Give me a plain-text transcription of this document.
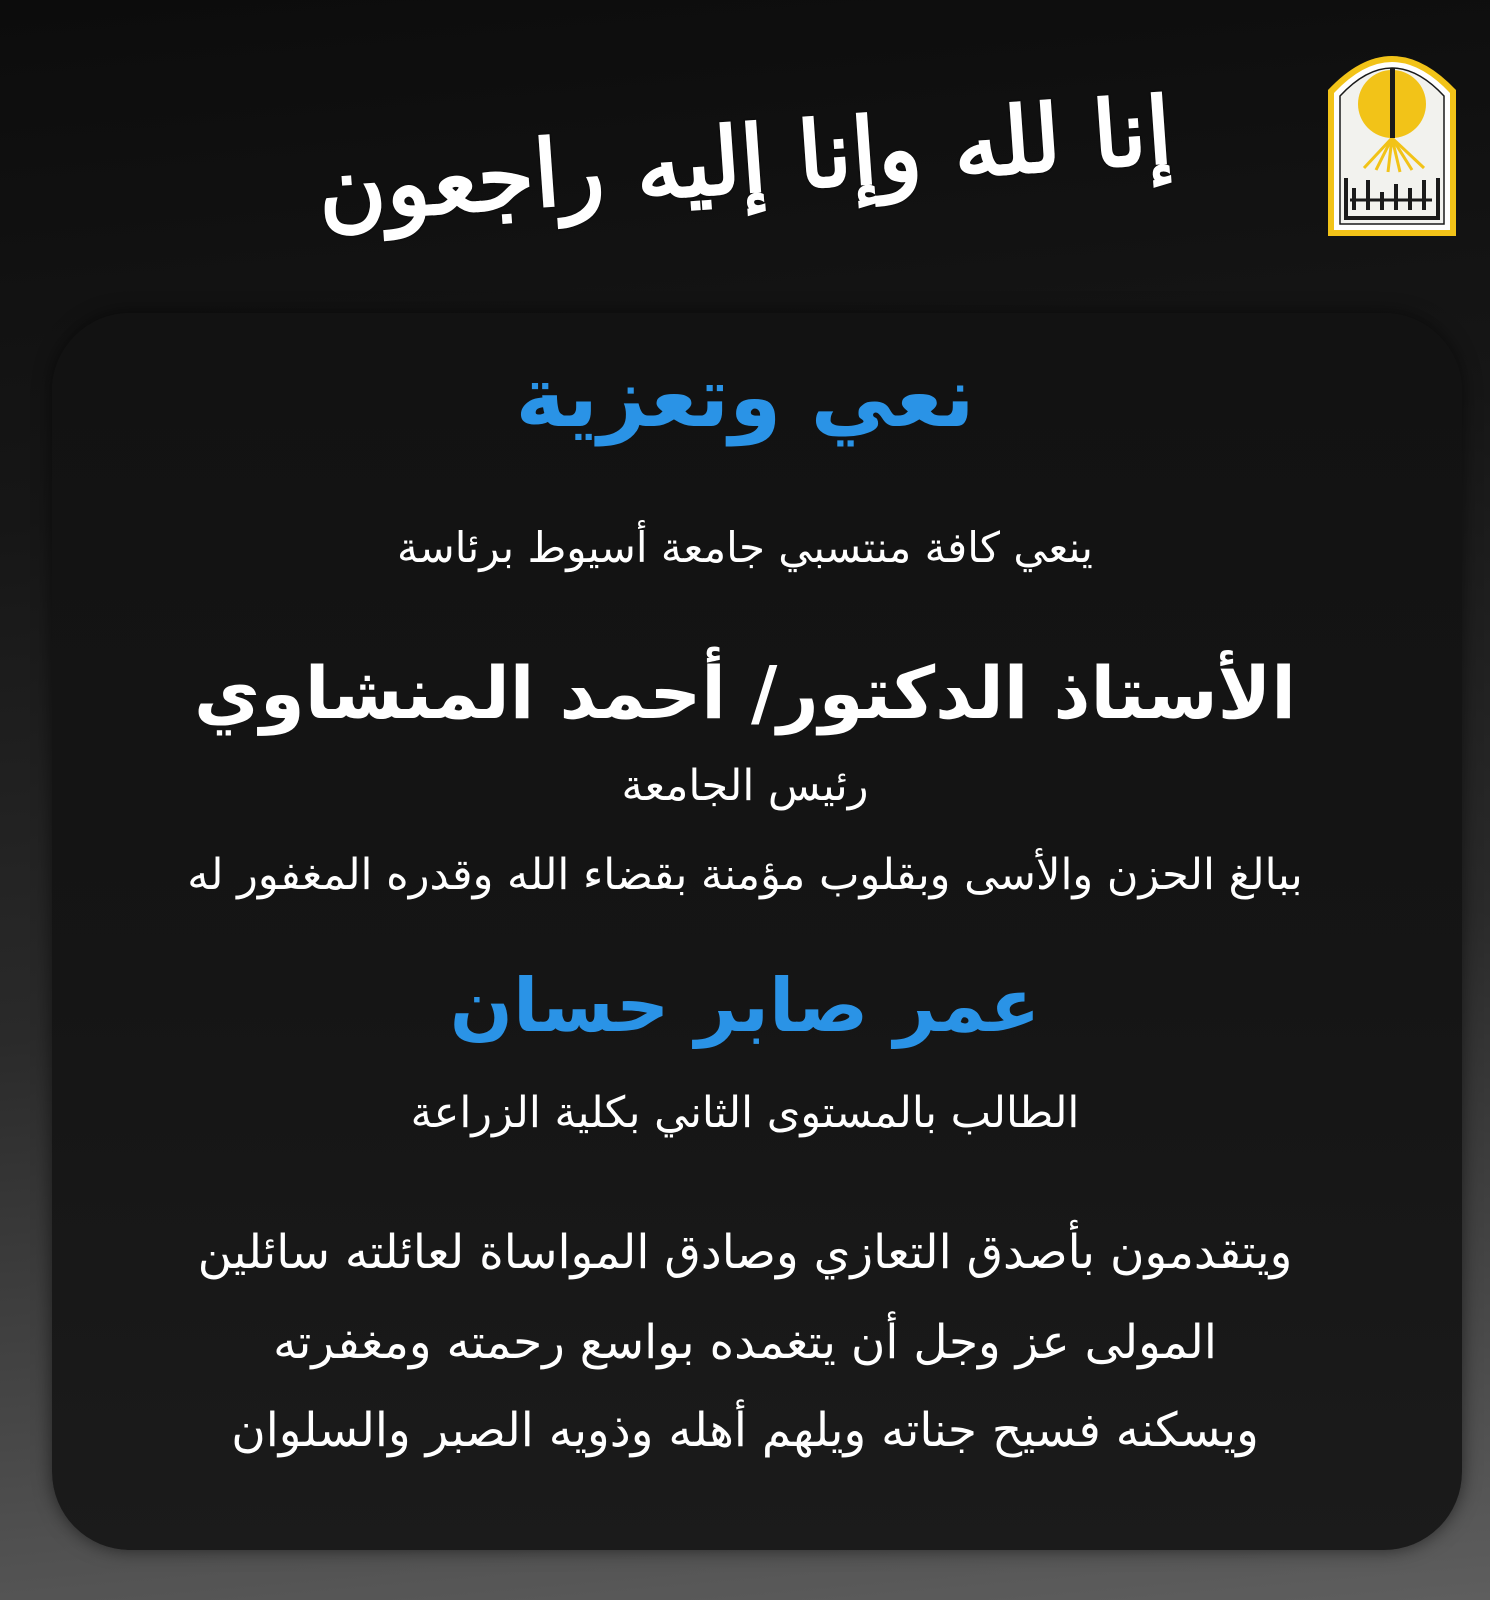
إنا لله وإنا إليه راجعون
نعي وتعزية
ينعي كافة منتسبي جامعة أسيوط برئاسة
الأستاذ الدكتور/ أحمد المنشاوي
رئيس الجامعة
ببالغ الحزن والأسى وبقلوب مؤمنة بقضاء الله وقدره المغفور له
عمر صابر حسان
الطالب بالمستوى الثاني بكلية الزراعة
ويتقدمون بأصدق التعازي وصادق المواساة لعائلته سائلين
المولى عز وجل أن يتغمده بواسع رحمته ومغفرته
ويسكنه فسيح جناته ويلهم أهله وذويه الصبر والسلوان
